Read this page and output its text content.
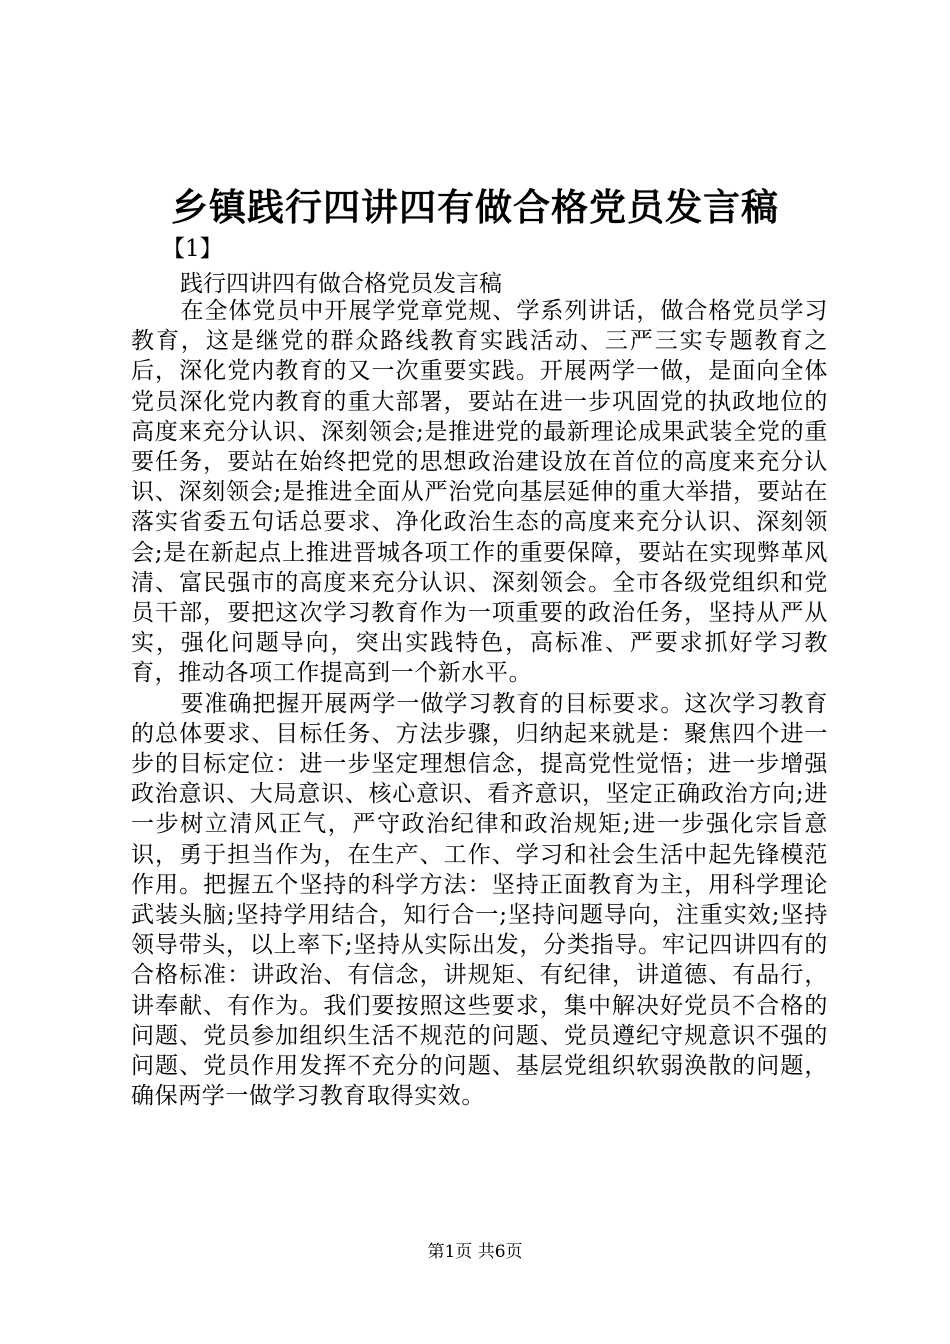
乡镇践行四讲四有做合格党员发言稿
【1】
践行四讲四有做合格党员发言稿

在全体党员中开展学党章党规、学系列讲话，做合格党员学习教育，这是继党的群众路线教育实践活动、三严三实专题教育之后，深化党内教育的又一次重要实践。开展两学一做，是面向全体党员深化党内教育的重大部署，要站在进一步巩固党的执政地位的高度来充分认识、深刻领会;是推进党的最新理论成果武装全党的重要任务，要站在始终把党的思想政治建设放在首位的高度来充分认识、深刻领会;是推进全面从严治党向基层延伸的重大举措，要站在落实省委五句话总要求、净化政治生态的高度来充分认识、深刻领会;是在新起点上推进晋城各项工作的重要保障，要站在实现弊革风清、富民强市的高度来充分认识、深刻领会。全市各级党组织和党员干部，要把这次学习教育作为一项重要的政治任务，坚持从严从实，强化问题导向，突出实践特色，高标准、严要求抓好学习教育，推动各项工作提高到一个新水平。

要准确把握开展两学一做学习教育的目标要求。这次学习教育的总体要求、目标任务、方法步骤，归纳起来就是：聚焦四个进一步的目标定位：进一步坚定理想信念，提高党性觉悟；进一步增强政治意识、大局意识、核心意识、看齐意识，坚定正确政治方向;进一步树立清风正气，严守政治纪律和政治规矩;进一步强化宗旨意识，勇于担当作为，在生产、工作、学习和社会生活中起先锋模范作用。把握五个坚持的科学方法：坚持正面教育为主，用科学理论武装头脑;坚持学用结合，知行合一;坚持问题导向，注重实效;坚持领导带头，以上率下;坚持从实际出发，分类指导。牢记四讲四有的合格标准：讲政治、有信念，讲规矩、有纪律，讲道德、有品行，讲奉献、有作为。我们要按照这些要求，集中解决好党员不合格的问题、党员参加组织生活不规范的问题、党员遵纪守规意识不强的问题、党员作用发挥不充分的问题、基层党组织软弱涣散的问题，确保两学一做学习教育取得实效。

第1页 共6页
